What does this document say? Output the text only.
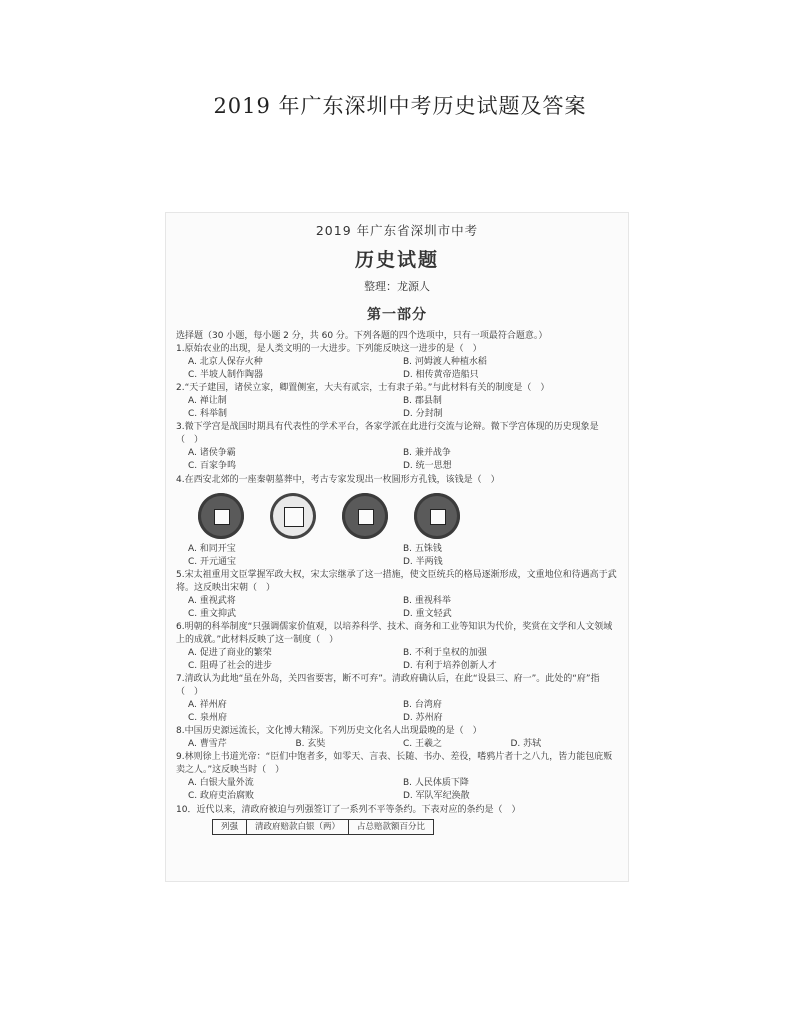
2019 年广东深圳中考历史试题及答案
2019 年广东省深圳市中考
历史试题
整理：龙源人
第一部分
选择题（30 小题，每小题 2 分，共 60 分。下列各题的四个选项中，只有一项最符合题意。）
1.原始农业的出现，是人类文明的一大进步。下列能反映这一进步的是（　）
A. 北京人保存火种	B. 河姆渡人种植水稻
C. 半坡人制作陶器	D. 相传黄帝造船只
2.“天子建国，诸侯立家，卿置侧室，大夫有贰宗，士有隶子弟。”与此材料有关的制度是（　）
A. 禅让制	B. 郡县制
C. 科举制	D. 分封制
3.微下学宫是战国时期具有代表性的学术平台，各家学派在此进行交流与论辩。微下学宫体现的历史现象是（　）
A. 诸侯争霸	B. 兼并战争
C. 百家争鸣	D. 统一思想
4.在西安北郊的一座秦朝墓葬中，考古专家发现出一枚圆形方孔钱，该钱是（　）
A. 和同开宝	B. 五铢钱
C. 开元通宝	D. 半两钱
5.宋太祖重用文臣掌握军政大权，宋太宗继承了这一措施，使文臣统兵的格局逐渐形成，文重地位和待遇高于武将。这反映出宋朝（　）
A. 重视武将	B. 重视科举
C. 重文抑武	D. 重文轻武
6.明朝的科举制度“只强调儒家价值观，以培养科学、技术、商务和工业等知识为代价，奖赏在文学和人文领域上的成就。”此材料反映了这一制度（　）
A. 促进了商业的繁荣	B. 不利于皇权的加强
C. 阻碍了社会的进步	D. 有利于培养创新人才
7.清政认为此地“虽在外岛，关四省要害，断不可弃”。清政府确认后，在此“设县三、府一”。此处的“府”指（　）
A. 祥州府	B. 台湾府
C. 泉州府	D. 苏州府
8.中国历史源远流长，文化博大精深。下列历史文化名人出现最晚的是（　）
A. 曹雪芹	B. 玄奘	C. 王羲之	D. 苏轼
9.林则徐上书道光帝：“臣们中饱者多，如零天、言表、长随、书办、差役，嗜鸦片者十之八九，皆力能包庇贩卖之人。”这反映当时（　）
A. 白银大量外流	B. 人民体质下降
C. 政府吏治腐败	D. 军队军纪涣散
10．近代以来，清政府被迫与列强签订了一系列不平等条约。下表对应的条约是（　）
列强	清政府赔款白银（两）	占总赔款额百分比
